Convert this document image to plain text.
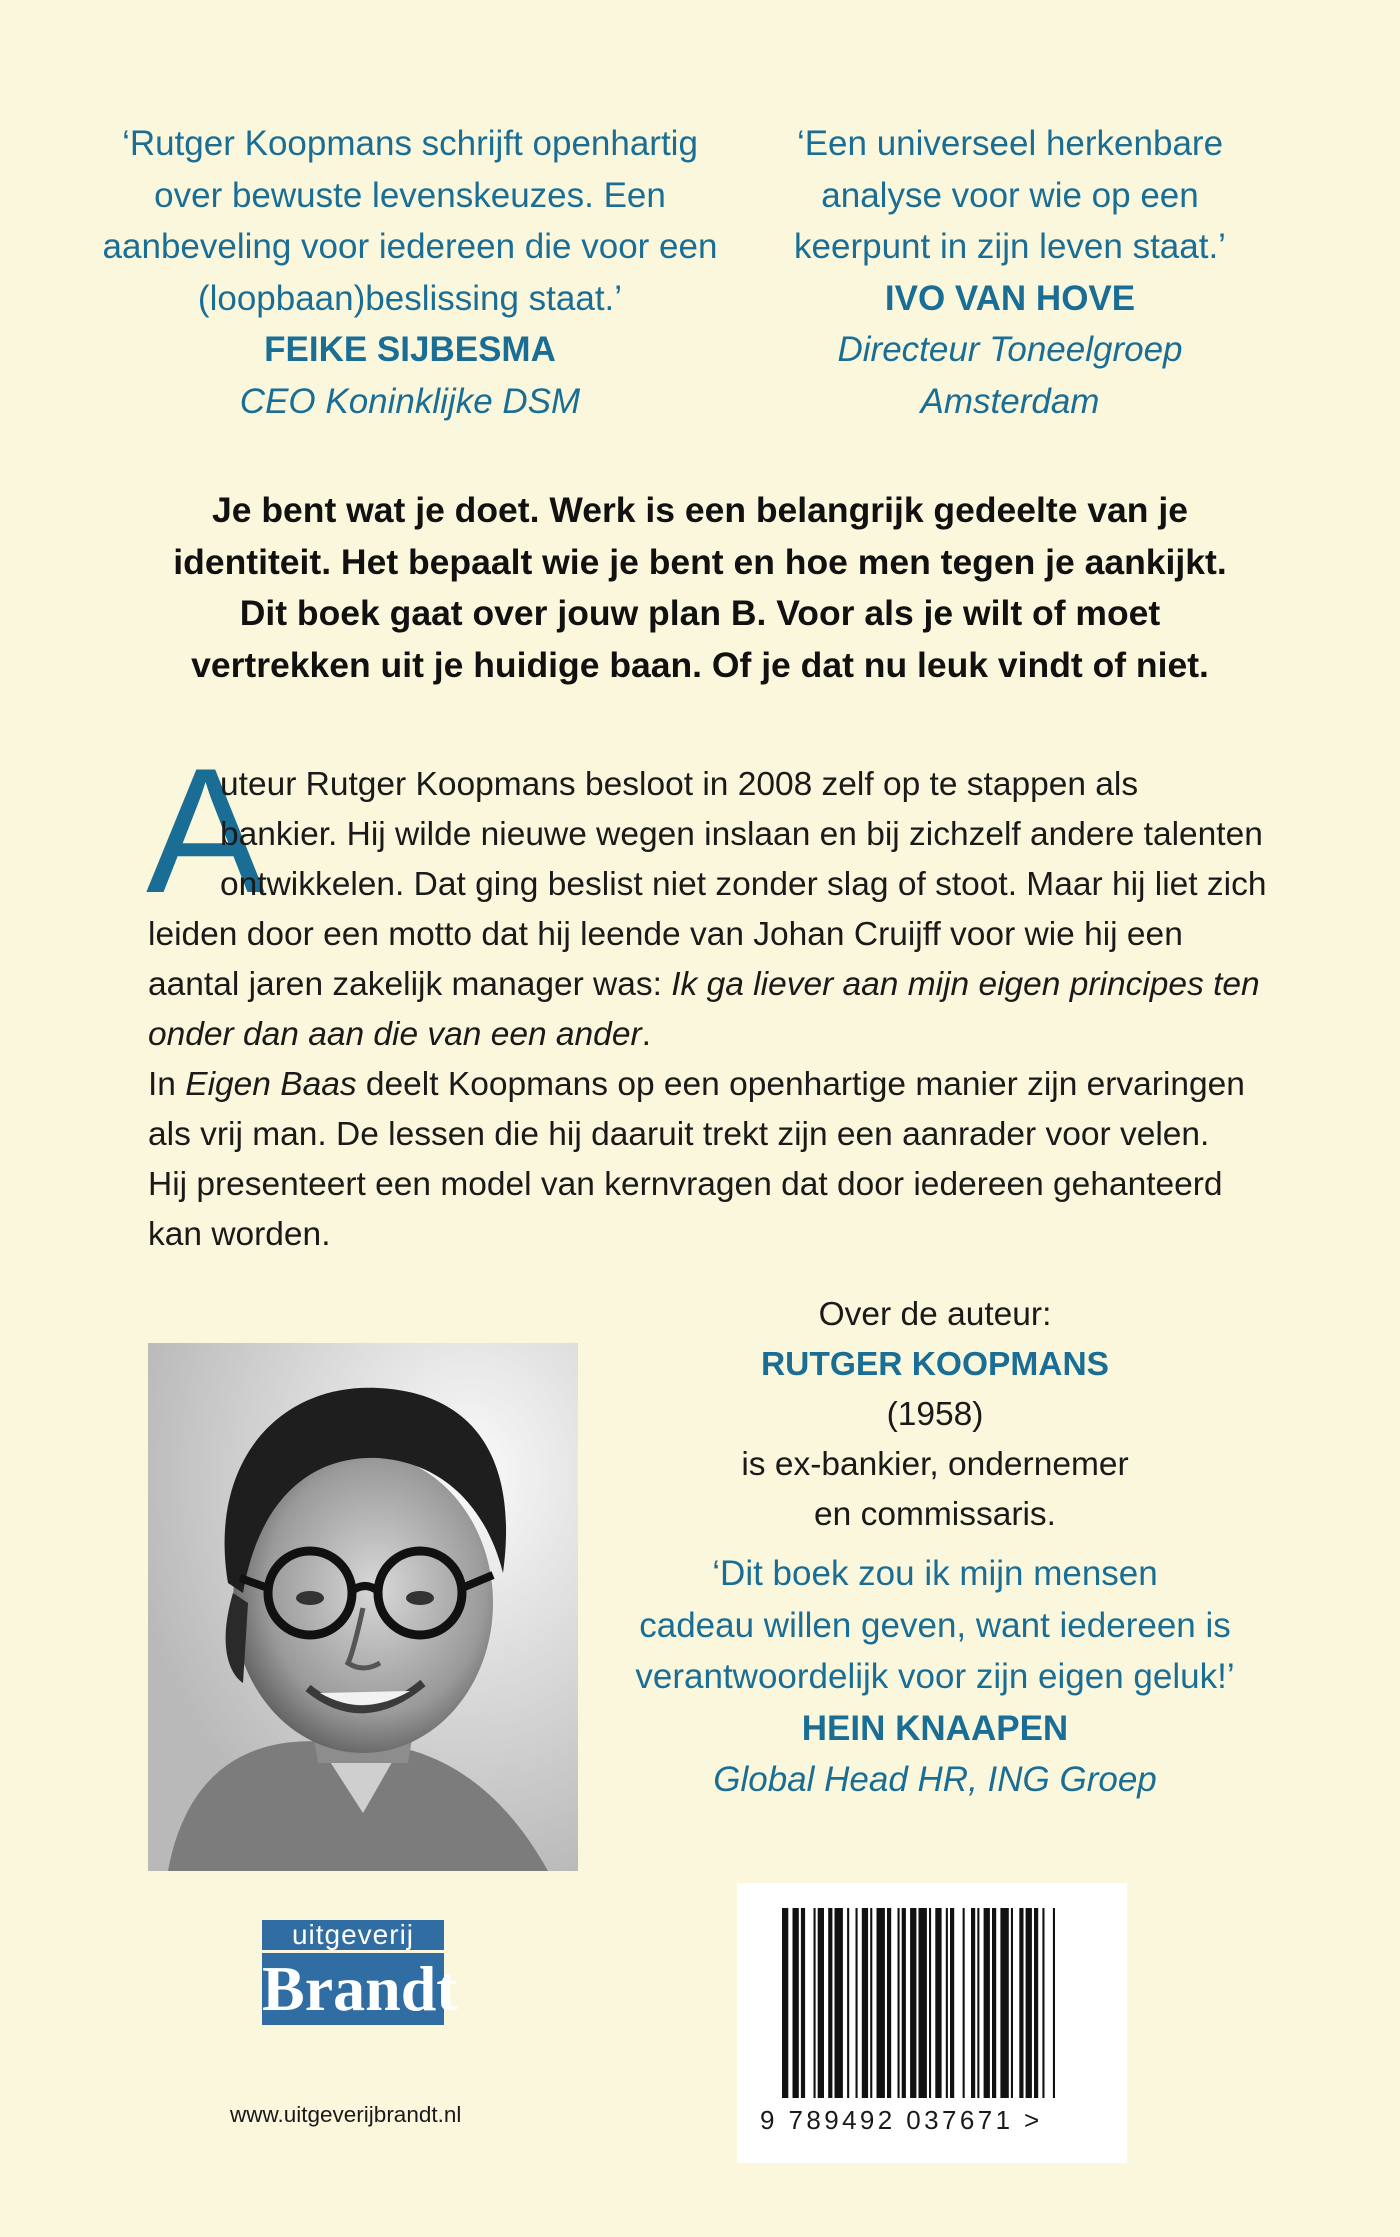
‘Rutger Koopmans schrijft openhartig
over bewuste levenskeuzes. Een
aanbeveling voor iedereen die voor een
(loopbaan)beslissing staat.’
FEIKE SIJBESMA
CEO Koninklijke DSM
‘Een universeel herkenbare
analyse voor wie op een
keerpunt in zijn leven staat.’
IVO VAN HOVE
Directeur Toneelgroep
Amsterdam
Je bent wat je doet. Werk is een belangrijk gedeelte van je
identiteit. Het bepaalt wie je bent en hoe men tegen je aankijkt.
Dit boek gaat over jouw plan B. Voor als je wilt of moet
vertrekken uit je huidige baan. Of je dat nu leuk vindt of niet.
A
uteur Rutger Koopmans besloot in 2008 zelf op te stappen als
bankier. Hij wilde nieuwe wegen inslaan en bij zichzelf andere talenten
ontwikkelen. Dat ging beslist niet zonder slag of stoot. Maar hij liet zich
leiden door een motto dat hij leende van Johan Cruijff voor wie hij een
aantal jaren zakelijk manager was: Ik ga liever aan mijn eigen principes ten
onder dan aan die van een ander.
In Eigen Baas deelt Koopmans op een openhartige manier zijn ervaringen
als vrij man. De lessen die hij daaruit trekt zijn een aanrader voor velen.
Hij presenteert een model van kernvragen dat door iedereen gehanteerd
kan worden.
Over de auteur:
RUTGER KOOPMANS
(1958)
is ex-bankier, ondernemer
en commissaris.
‘Dit boek zou ik mijn mensen
cadeau willen geven, want iedereen is
verantwoordelijk voor zijn eigen geluk!’
HEIN KNAAPEN
Global Head HR, ING Groep
uitgeverij
Brandt
www.uitgeverijbrandt.nl	9 789492 037671 >
